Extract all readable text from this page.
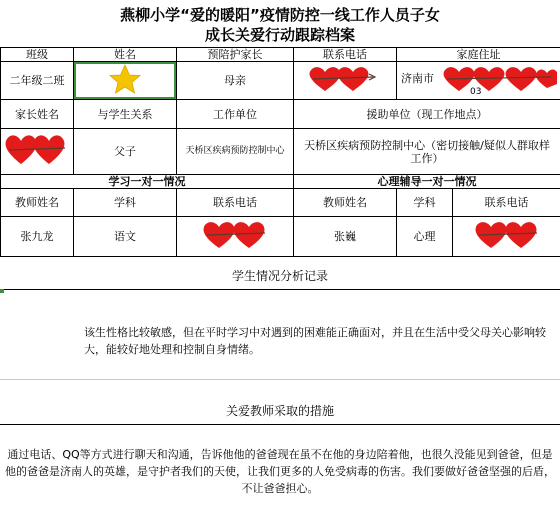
燕柳小学“爱的暖阳”疫情防控一线工作人员子女
成长关爱行动跟踪档案
班级	姓名	预陪护家长	联系电话	家庭住址	
二年级二班		母亲		济南市
03	

家长姓名	与学生关系	工作单位	援助单位（现工作地点）		
	父子	天桥区疾病预防控制中心	天桥区疾病预防控制中心（密切接触/疑似人群取样工作）		
学习一对一情况			心理辅导一对一情况		
教师姓名	学科	联系电话	教师姓名	学科	联系电话
张九龙	语文		张巍	心理	
学生情况分析记录
该生性格比较敏感，但在平时学习中对遇到的困难能正确面对，并且在生活中受父母关心影响较大，能较好地处理和控制自身情绪。
关爱教师采取的措施
通过电话、QQ等方式进行聊天和沟通，告诉他他的爸爸现在虽不在他的身边陪着他，也很久没能见到爸爸，但是他的爸爸是济南人的英雄，是守护者我们的天使，让我们更多的人免受病毒的伤害。我们要做好爸爸坚强的后盾，不让爸爸担心。
